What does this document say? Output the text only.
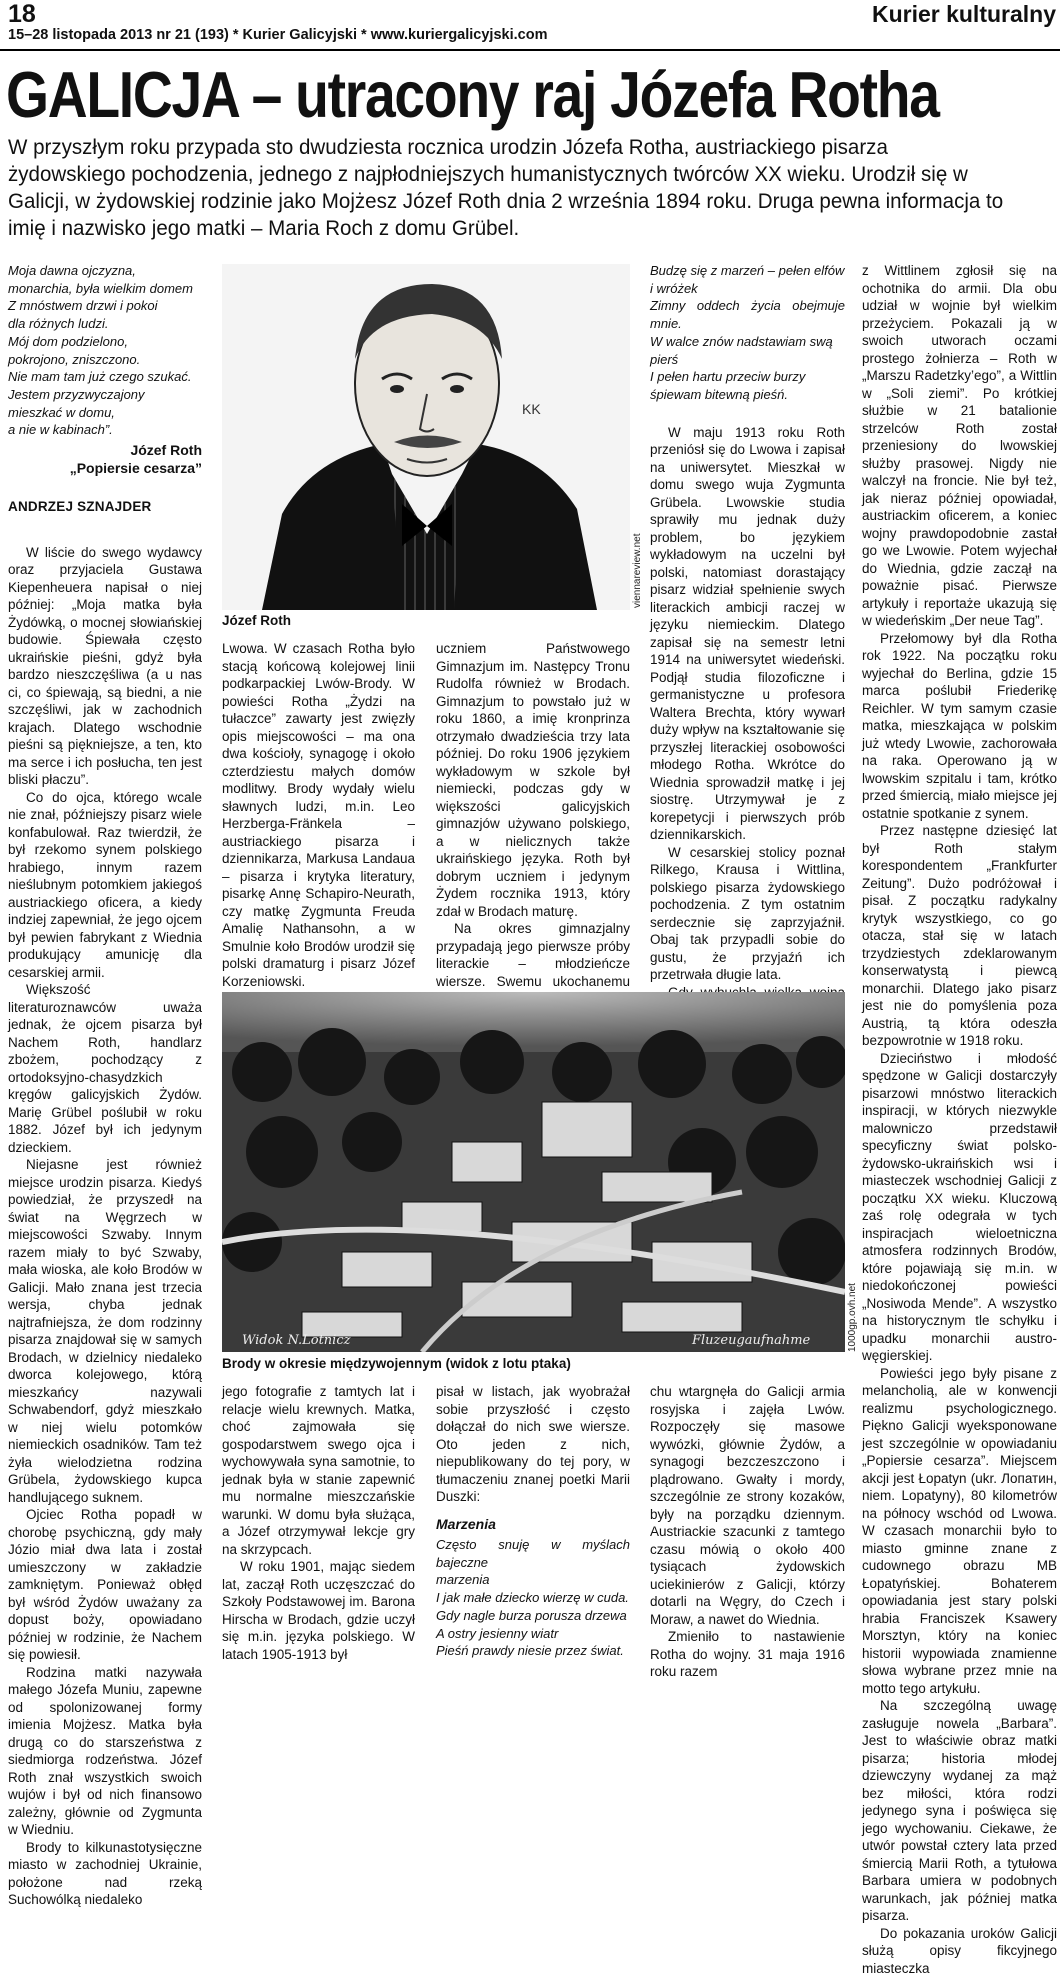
18
15–28 listopada 2013 nr 21 (193) * Kurier Galicyjski * www.kuriergalicyjski.com
Kurier kulturalny
GALICJA – utracony raj Józefa Rotha
W przyszłym roku przypada sto dwudziesta rocznica urodzin Józefa Rotha, austriackiego pisarza żydowskiego pochodzenia, jednego z najpłodniejszych humanistycznych twórców XX wieku. Urodził się w Galicji, w żydowskiej rodzinie jako Mojżesz Józef Roth dnia 2 września 1894 roku. Druga pewna informacja to imię i nazwisko jego matki – Maria Roch z domu Grübel.
Moja dawna ojczyzna,
monarchia, była wielkim domem
Z mnóstwem drzwi i pokoi
dla różnych ludzi.
Mój dom podzielono,
pokrojono, zniszczono.
Nie mam tam już czego szukać.
Jestem przyzwyczajony
mieszkać w domu,
a nie w kabinach”.
Józef Roth
„Popiersie cesarza”
ANDRZEJ SZNAJDER

W liście do swego wydawcy oraz przyjaciela Gustawa Kiepenheuera napisał o niej później: „Moja matka była Żydówką, o mocnej słowiańskiej budowie. Śpiewała często ukraińskie pieśni, gdyż była bardzo nieszczęśliwa (a u nas ci, co śpiewają, są biedni, a nie szczęśliwi, jak w zachodnich krajach. Dlatego wschodnie pieśni są piękniejsze, a ten, kto ma serce i ich posłucha, ten jest bliski płaczu”.

Co do ojca, którego wcale nie znał, późniejszy pisarz wiele konfabulował. Raz twierdził, że był rzekomo synem polskiego hrabiego, innym razem nieślubnym potomkiem jakiegoś austriackiego oficera, a kiedy indziej zapewniał, że jego ojcem był pewien fabrykant z Wiednia produkujący amunicję dla cesarskiej armii.

Większość literaturoznawców uważa jednak, że ojcem pisarza był Nachem Roth, handlarz zbożem, pochodzący z ortodoksyjno-chasydzkich kręgów galicyjskich Żydów. Marię Grübel poślubił w roku 1882. Józef był ich jedynym dzieckiem.

Niejasne jest również miejsce urodzin pisarza. Kiedyś powiedział, że przyszedł na świat na Węgrzech w miejscowości Szwaby. Innym razem miały to być Szwaby, mała wioska, ale koło Brodów w Galicji. Mało znana jest trzecia wersja, chyba jednak najtrafniejsza, że dom rodzinny pisarza znajdował się w samych Brodach, w dzielnicy niedaleko dworca kolejowego, którą mieszkańcy nazywali Schwabendorf, gdyż mieszkało w niej wielu potomków niemieckich osadników. Tam też żyła wielodzietna rodzina Grübela, żydowskiego kupca handlującego suknem.

Ojciec Rotha popadł w chorobę psychiczną, gdy mały Józio miał dwa lata i został umieszczony w zakładzie zamkniętym. Ponieważ obłęd był wśród Żydów uważany za dopust boży, opowiadano później w rodzinie, że Nachem się powiesił.

Rodzina matki nazywała małego Józefa Muniu, zapewne od spolonizowanej formy imienia Mojżesz. Matka była drugą co do starszeństwa z siedmiorga rodzeństwa. Józef Roth znał wszystkich swoich wujów i był od nich finansowo zależny, głównie od Zygmunta w Wiedniu.

Brody to kilkunastotysięczne miasto w zachodniej Ukrainie, położone nad rzeką Suchowólką niedaleko

KK
viennareview.net
Józef Roth

Lwowa. W czasach Rotha było stacją końcową kolejowej linii podkarpackiej Lwów-Brody. W powieści Rotha „Żydzi na tułaczce” zawarty jest zwięzły opis miejscowości – ma ona dwa kościoły, synagogę i około czterdziestu małych domów modlitwy. Brody wydały wielu sławnych ludzi, m.in. Leo Herzberga-Fränkela – austriackiego pisarza i dziennikarza, Markusa Landaua – pisarza i krytyka literatury, pisarkę Annę Schapiro-Neurath, czy matkę Zygmunta Freuda Amalię Nathansohn, a w Smulnie koło Brodów urodził się polski dramaturg i pisarz Józef Korzeniowski.

uczniem Państwowego Gimnazjum im. Następcy Tronu Rudolfa również w Brodach. Gimnazjum to powstało już w roku 1860, a imię kronprinza otrzymało dwadzieścia trzy lata później. Do roku 1906 językiem wykładowym w szkole był niemiecki, podczas gdy w większości galicyjskich gimnazjów używano polskiego, a w nielicznych także ukraińskiego języka. Roth był dobrym uczniem i jedynym Żydem rocznika 1913, który zdał w Brodach maturę.

Na okres gimnazjalny przypadają jego pierwsze próby literackie – młodzieńcze wiersze. Swemu ukochanemu

Budzę się z marzeń – pełen elfów
i wróżek
Zimny oddech życia obejmuje mnie.
W walce znów nadstawiam swą
pierś
I pełen hartu przeciw burzy
śpiewam bitewną pieśń.

W maju 1913 roku Roth przeniósł się do Lwowa i zapisał na uniwersytet. Mieszkał w domu swego wuja Zygmunta Grübela. Lwowskie studia sprawiły mu jednak duży problem, bo językiem wykładowym na uczelni był polski, natomiast dorastający pisarz widział spełnienie swych literackich ambicji raczej w języku niemieckim. Dlatego zapisał się na semestr letni 1914 na uniwersytet wiedeński. Podjął studia filozoficzne i germanistyczne u profesora Waltera Brechta, który wywarł duży wpływ na kształtowanie się przyszłej literackiej osobowości młodego Rotha. Wkrótce do Wiednia sprowadził matkę i jej siostrę. Utrzymywał je z korepetycji i pierwszych prób dziennikarskich.

W cesarskiej stolicy poznał Rilkego, Krausa i Wittlina, polskiego pisarza żydowskiego pochodzenia. Z tym ostatnim serdecznie się zaprzyjaźnił. Obaj tak przypadli sobie do gustu, że przyjaźń ich przetrwała długie lata.

z Wittlinem zgłosił się na ochotnika do armii. Dla obu udział w wojnie był wielkim przeżyciem. Pokazali ją w swoich utworach oczami prostego żołnierza – Roth w „Marszu Radetzky’ego”, a Wittlin w „Soli ziemi”. Po krótkiej służbie w 21 batalionie strzelców Roth został przeniesiony do lwowskiej służby prasowej. Nigdy nie walczył na froncie. Nie był też, jak nieraz później opowiadał, austriackim oficerem, a koniec wojny prawdopodobnie zastał go we Lwowie. Potem wyjechał do Wiednia, gdzie zaczął na poważnie pisać. Pierwsze artykuły i reportaże ukazują się w wiedeńskim „Der neue Tag”.

Przełomowy był dla Rotha rok 1922. Na początku roku wyjechał do Berlina, gdzie 15 marca poślubił Friederikę Reichler. W tym samym czasie matka, mieszkająca w polskim już wtedy Lwowie, zachorowała na raka. Operowano ją w lwowskim szpitalu i tam, krótko przed śmiercią, miało miejsce jej ostatnie spotkanie z synem.

Przez następne dziesięć lat był Roth stałym korespondentem „Frankfurter Zeitung”. Dużo podróżował i pisał. Z początku radykalny krytyk wszystkiego, co go otacza, stał się w latach trzydziestych zdeklarowanym konserwatystą i piewcą monarchii. Dlatego jako pisarz jest nie do pomyślenia poza Austrią, tą która odeszła bezpowrotnie w 1918 roku.

Dzieciństwo i młodość spędzone w Galicji dostarczyły pisarzowi mnóstwo literackich inspiracji, w których niezwykle malowniczo przedstawił specyficzny świat polsko-żydowsko-ukraińskich wsi i miasteczek wschodniej Galicji z początku XX wieku. Kluczową zaś rolę odegrała w tych inspiracjach wieloetniczna atmosfera rodzinnych Brodów, które pojawiają się m.in. w niedokończonej powieści „Nosiwoda Mende”. A wszystko na historycznym tle schyłku i upadku monarchii austro-węgierskiej.

Powieści jego były pisane z melancholią, ale w konwencji realizmu psychologicznego. Piękno Galicji wyeksponowane jest szczególnie w opowiadaniu „Popiersie cesarza”. Miejscem akcji jest Łopatyn (ukr. Лопатин, niem. Lopatyny), 80 kilometrów na północy wschód od Lwowa. W czasach monarchii było to miasto gminne znane z cudownego obrazu MB Łopatyńskiej. Bohaterem opowiadania jest stary polski hrabia Franciszek Ksawery Morsztyn, który na koniec historii wypowiada znamienne słowa wybrane przez mnie na motto tego artykułu.

Na szczególną uwagę zasługuje nowela „Barbara”. Jest to właściwie obraz matki pisarza; historia młodej dziewczyny wydanej za mąż bez miłości, która rodzi jedynego syna i poświęca się jego wychowaniu. Ciekawe, że utwór powstał cztery lata przed śmiercią Marii Roth, a tytułowa Barbara umiera w podobnych warunkach, jak później matka pisarza.

Do pokazania uroków Galicji służą opisy fikcyjnego miasteczka

Widok N.Lotnicz	Fluzeugaufnahme	1000gp.ovh.net
Brody w okresie międzywojennym (widok z lotu ptaka)

jego fotografie z tamtych lat i relacje wielu krewnych. Matka, choć zajmowała się gospodarstwem swego ojca i wychowywała syna samotnie, to jednak była w stanie zapewnić mu normalne mieszczańskie warunki. W domu była służąca, a Józef otrzymywał lekcje gry na skrzypcach.

W roku 1901, mając siedem lat, zaczął Roth uczęszczać do Szkoły Podstawowej im. Barona Hirscha w Brodach, gdzie uczył się m.in. języka polskiego. W latach 1905-1913 był

pisał w listach, jak wyobrażał sobie przyszłość i często dołączał do nich swe wiersze. Oto jeden z nich, niepublikowany do tej pory, w tłumaczeniu znanej poetki Marii Duszki:

Marzenia
Często snuję w myślach bajeczne
marzenia
I jak małe dziecko wierzę w cuda.
Gdy nagle burza porusza drzewa
A ostry jesienny wiatr
Pieśń prawdy niesie przez świat.

chu wtargnęła do Galicji armia rosyjska i zajęła Lwów. Rozpoczęły się masowe wywózki, głównie Żydów, a synagogi bezczeszczono i plądrowano. Gwałty i mordy, szczególnie ze strony kozaków, były na porządku dziennym. Austriackie szacunki z tamtego czasu mówią o około 400 tysiącach żydowskich uciekinierów z Galicji, którzy dotarli na Węgry, do Czech i Moraw, a nawet do Wiednia.

Zmieniło to nastawienie Rotha do wojny. 31 maja 1916 roku razem
